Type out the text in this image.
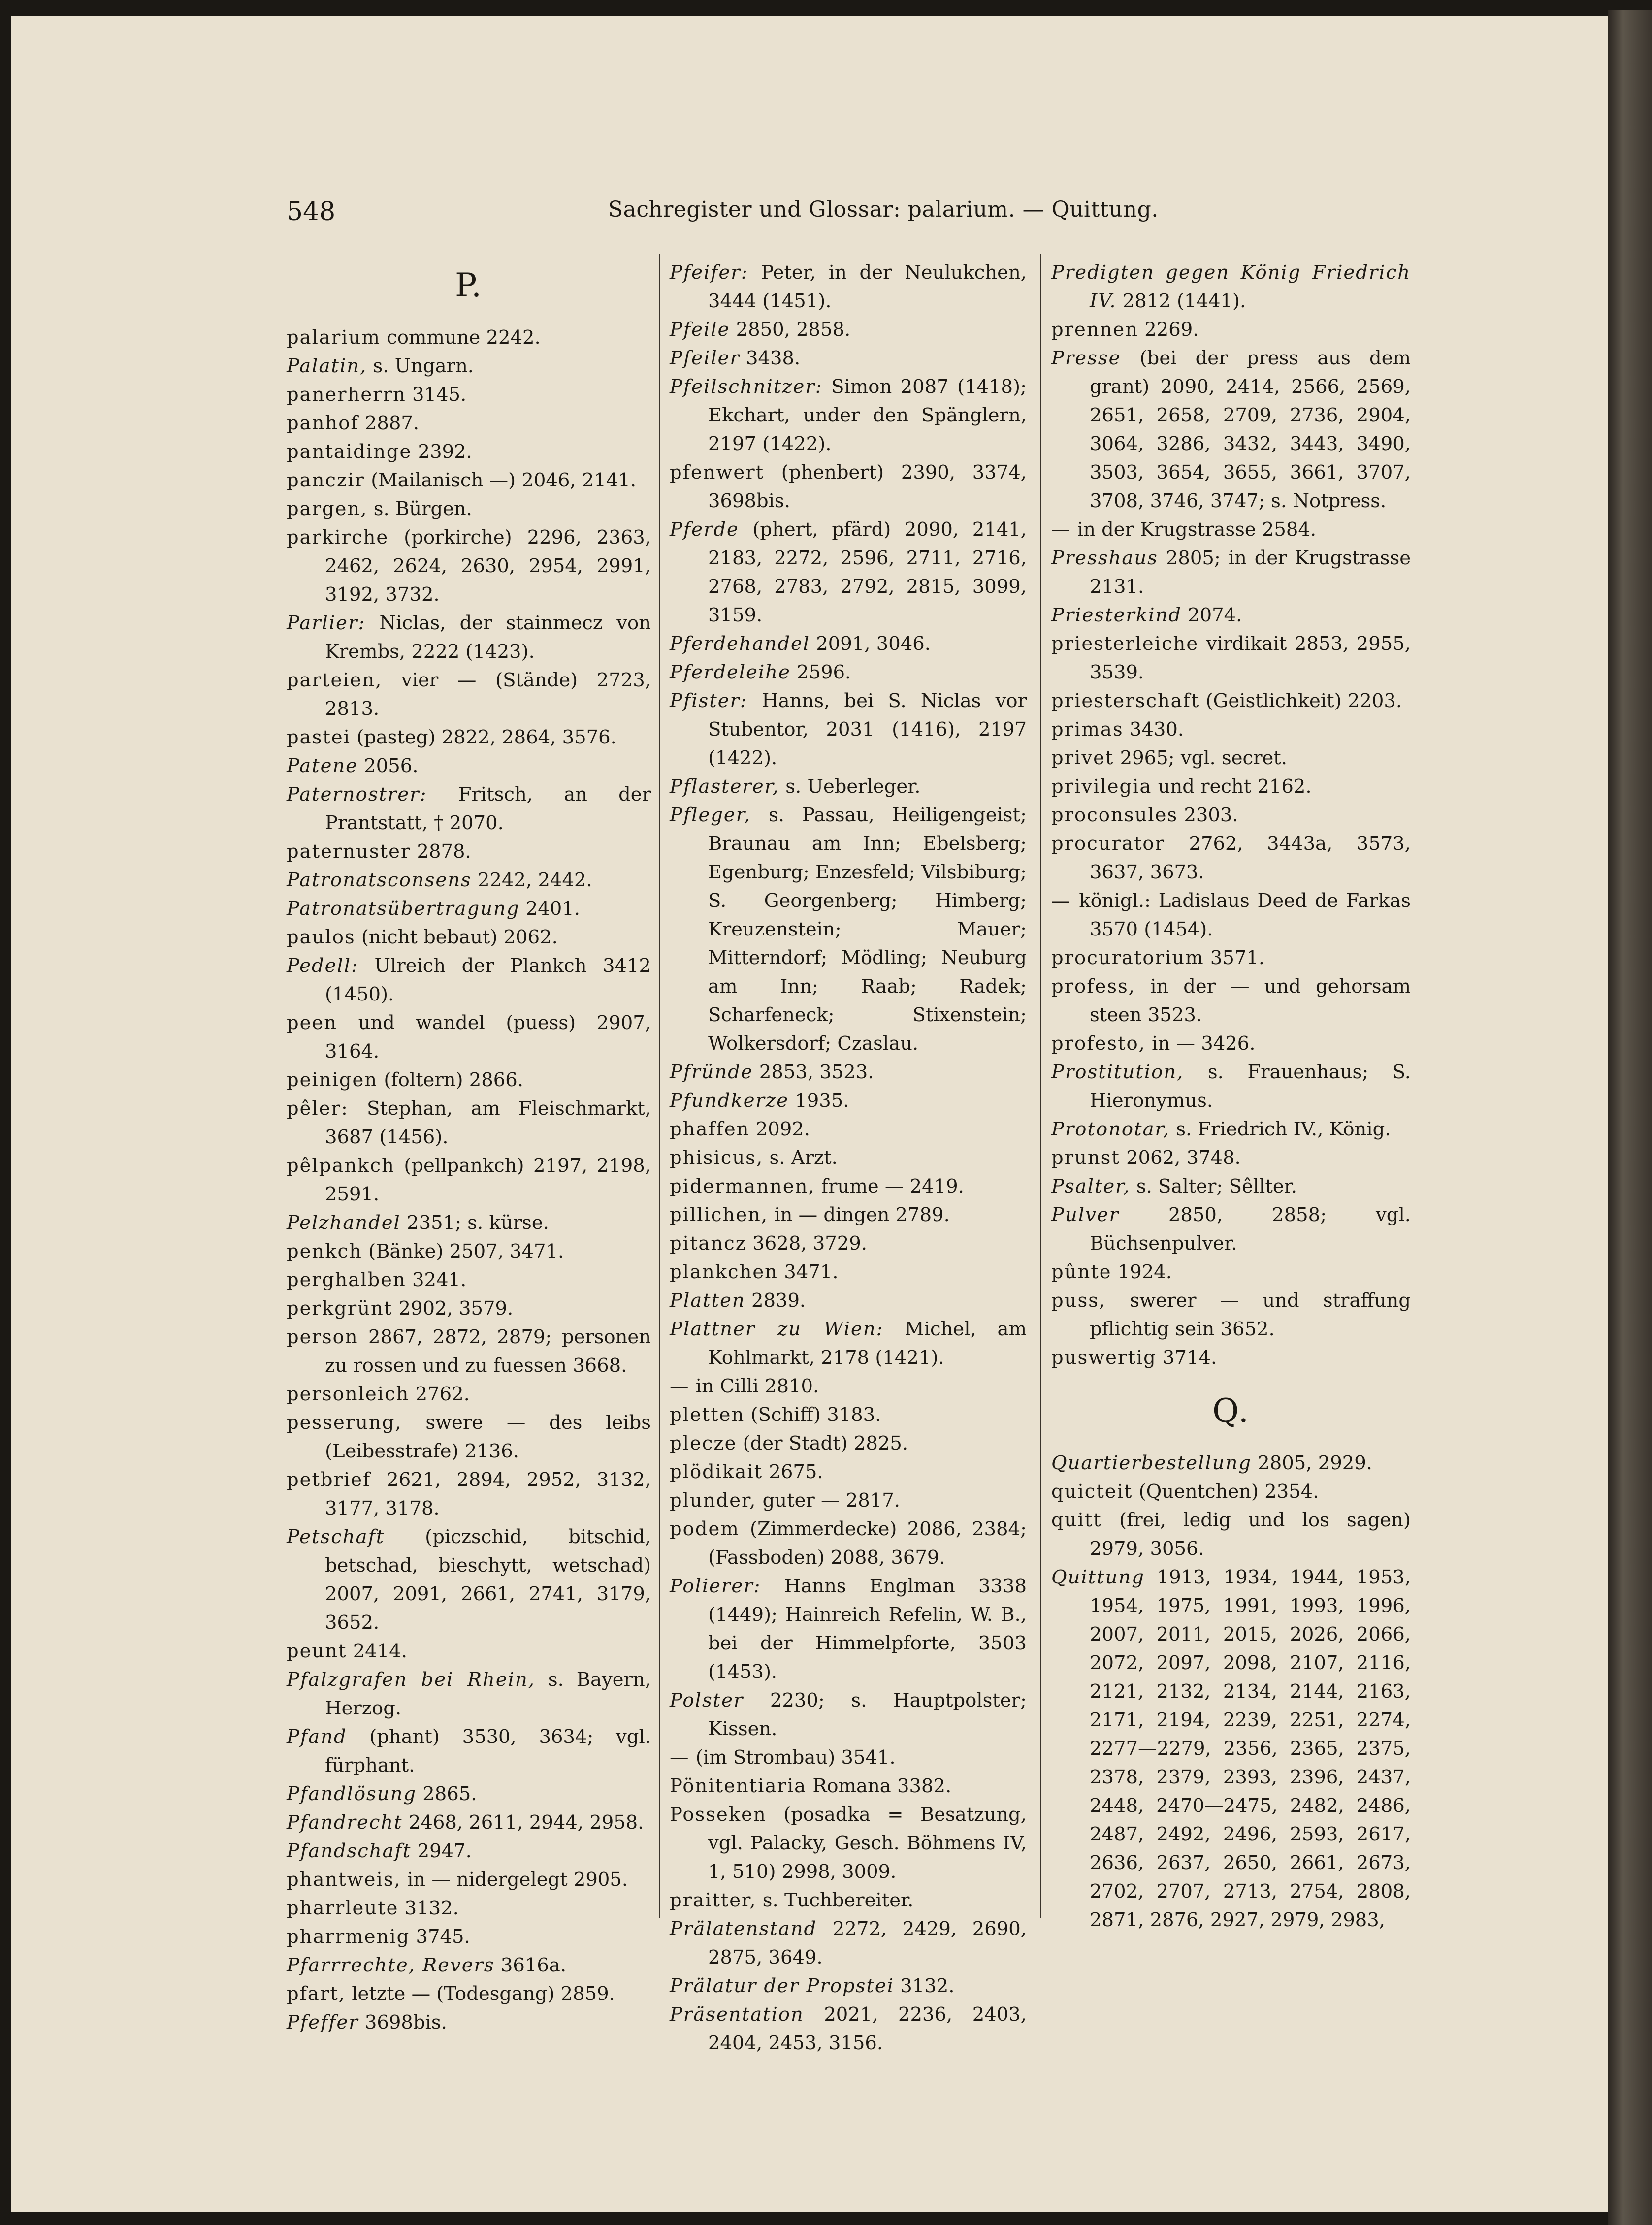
548	Sachregister und Glossar: palarium. — Quittung.
P.

palarium commune 2242.

Palatin, s. Ungarn.

panerherrn 3145.

panhof 2887.

pantaidinge 2392.

panczir (Mailanisch —) 2046, 2141.

pargen, s. Bürgen.

parkirche (porkirche) 2296, 2363, 2462, 2624, 2630, 2954, 2991, 3192, 3732.

Parlier: Niclas, der stainmecz von Krembs, 2222 (1423).

parteien, vier — (Stände) 2723, 2813.

pastei (pasteg) 2822, 2864, 3576.

Patene 2056.

Paternostrer: Fritsch, an der Prantstatt, † 2070.

paternuster 2878.

Patronatsconsens 2242, 2442.

Patronatsübertragung 2401.

paulos (nicht bebaut) 2062.

Pedell: Ulreich der Plankch 3412 (1450).

peen und wandel (puess) 2907, 3164.

peinigen (foltern) 2866.

pêler: Stephan, am Fleischmarkt, 3687 (1456).

pêlpankch (pellpankch) 2197, 2198, 2591.

Pelzhandel 2351; s. kürse.

penkch (Bänke) 2507, 3471.

perghalben 3241.

perkgrünt 2902, 3579.

person 2867, 2872, 2879; personen zu rossen und zu fuessen 3668.

personleich 2762.

pesserung, swere — des leibs (Leibesstrafe) 2136.

petbrief 2621, 2894, 2952, 3132, 3177, 3178.

Petschaft (piczschid, bitschid, betschad, bieschytt, wetschad) 2007, 2091, 2661, 2741, 3179, 3652.

peunt 2414.

Pfalzgrafen bei Rhein, s. Bayern, Herzog.

Pfand (phant) 3530, 3634; vgl. fürphant.

Pfandlösung 2865.

Pfandrecht 2468, 2611, 2944, 2958.

Pfandschaft 2947.

phantweis, in — nidergelegt 2905.

pharrleute 3132.

pharrmenig 3745.

Pfarrrechte, Revers 3616a.

pfart, letzte — (Todesgang) 2859.

Pfeffer 3698bis.

Pfeifer: Peter, in der Neulukchen, 3444 (1451).

Pfeile 2850, 2858.

Pfeiler 3438.

Pfeilschnitzer: Simon 2087 (1418); Ekchart, under den Spänglern, 2197 (1422).

pfenwert (phenbert) 2390, 3374, 3698bis.

Pferde (phert, pfärd) 2090, 2141, 2183, 2272, 2596, 2711, 2716, 2768, 2783, 2792, 2815, 3099, 3159.

Pferdehandel 2091, 3046.

Pferdeleihe 2596.

Pfister: Hanns, bei S. Niclas vor Stubentor, 2031 (1416), 2197 (1422).

Pflasterer, s. Ueberleger.

Pfleger, s. Passau, Heiligengeist; Braunau am Inn; Ebelsberg; Egenburg; Enzesfeld; Vilsbiburg; S. Georgenberg; Himberg; Kreuzenstein; Mauer; Mitterndorf; Mödling; Neuburg am Inn; Raab; Radek; Scharfeneck; Stixenstein; Wolkersdorf; Czaslau.

Pfründe 2853, 3523.

Pfundkerze 1935.

phaffen 2092.

phisicus, s. Arzt.

pidermannen, frume — 2419.

pillichen, in — dingen 2789.

pitancz 3628, 3729.

plankchen 3471.

Platten 2839.

Plattner zu Wien: Michel, am Kohlmarkt, 2178 (1421).

— in Cilli 2810.

pletten (Schiff) 3183.

plecze (der Stadt) 2825.

plödikait 2675.

plunder, guter — 2817.

podem (Zimmerdecke) 2086, 2384; (Fassboden) 2088, 3679.

Polierer: Hanns Englman 3338 (1449); Hainreich Refelin, W. B., bei der Himmelpforte, 3503 (1453).

Polster 2230; s. Hauptpolster; Kissen.

— (im Strombau) 3541.

Pönitentiaria Romana 3382.

Posseken (posadka = Besatzung, vgl. Palacky, Gesch. Böhmens IV, 1, 510) 2998, 3009.

praitter, s. Tuchbereiter.

Prälatenstand 2272, 2429, 2690, 2875, 3649.

Prälatur der Propstei 3132.

Präsentation 2021, 2236, 2403, 2404, 2453, 3156.

Predigten gegen König Friedrich IV. 2812 (1441).

prennen 2269.

Presse (bei der press aus dem grant) 2090, 2414, 2566, 2569, 2651, 2658, 2709, 2736, 2904, 3064, 3286, 3432, 3443, 3490, 3503, 3654, 3655, 3661, 3707, 3708, 3746, 3747; s. Notpress.

— in der Krugstrasse 2584.

Presshaus 2805; in der Krugstrasse 2131.

Priesterkind 2074.

priesterleiche virdikait 2853, 2955, 3539.

priesterschaft (Geistlichkeit) 2203.

primas 3430.

privet 2965; vgl. secret.

privilegia und recht 2162.

proconsules 2303.

procurator 2762, 3443a, 3573, 3637, 3673.

— königl.: Ladislaus Deed de Farkas 3570 (1454).

procuratorium 3571.

profess, in der — und gehorsam steen 3523.

profesto, in — 3426.

Prostitution, s. Frauenhaus; S. Hieronymus.

Protonotar, s. Friedrich IV., König.

prunst 2062, 3748.

Psalter, s. Salter; Sêllter.

Pulver	2850, 2858; vgl. Büchsenpulver.

pûnte 1924.

puss, swerer — und straffung pflichtig sein 3652.

puswertig 3714.

Q.

Quartierbestellung 2805, 2929.

quicteit (Quentchen) 2354.

quitt (frei, ledig und los sagen) 2979, 3056.

Quittung 1913, 1934, 1944, 1953, 1954, 1975, 1991, 1993, 1996, 2007, 2011, 2015, 2026, 2066, 2072, 2097, 2098, 2107, 2116, 2121, 2132, 2134, 2144, 2163, 2171, 2194, 2239, 2251, 2274, 2277—2279, 2356, 2365, 2375, 2378, 2379, 2393, 2396, 2437, 2448, 2470—2475, 2482, 2486, 2487, 2492, 2496, 2593, 2617, 2636, 2637, 2650, 2661, 2673, 2702, 2707, 2713, 2754, 2808, 2871, 2876, 2927, 2979, 2983,
